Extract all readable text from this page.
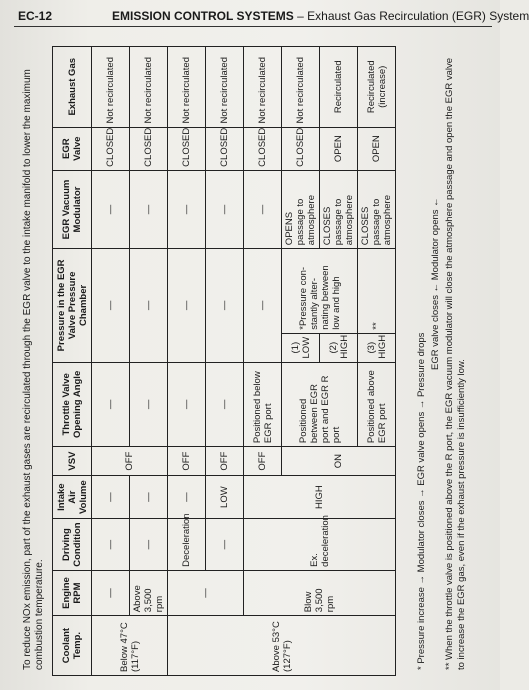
EC-12	EMISSION CONTROL SYSTEMS – Exhaust Gas Recirculation (EGR) System
To reduce NOx emission, part of the exhaust gases are recirculated through the EGR valve to the intake manifold to lower the maximum combustion temperature. Coolant Temp.	Engine RPM	Driving Condition	Intake Air Volume	VSV	Throttle Valve Opening Angle	Pressure in the EGR Valve Pressure Chamber		EGR Vacuum Modulator	EGR Valve	Exhaust Gas
Below 47°C (117°F)	—	—	—	OFF	—	—		—	CLOSED	Not recirculated
	Above 3,500 rpm	—	—		—	—		—	CLOSED	Not recirculated
Above 53°C (127°F)	—	Deceleration	—	OFF	—	—		—	CLOSED	Not recirculated
		—	LOW	OFF	—	—		—	CLOSED	Not recirculated
	Blow 3,500 rpm	Ex. deceleration	HIGH	OFF	Positioned below EGR port	—		—	CLOSED	Not recirculated
				ON	Positioned between EGR port and EGR R port	(1) LOW	*Pressure con-stantly alter-nating between low and high	OPENS passage to atmosphere	CLOSED	Not recirculated
						(2) HIGH		CLOSES passage to atmosphere	OPEN	Recirculated
					Positioned above EGR port	(3) HIGH	**	CLOSES passage to atmosphere	OPEN	Recirculated (increase)

* Pressure increase → Modulator closes → EGR valve opens → Pressure drops

EGR valve closes ← Modulator opens ← ** When the throttle valve is positioned above the R port, the EGR vacuum modulator will close the atmosphere passage and open the EGR valve to increase the EGR gas, even if the exhaust pressure is insufficiently low.
